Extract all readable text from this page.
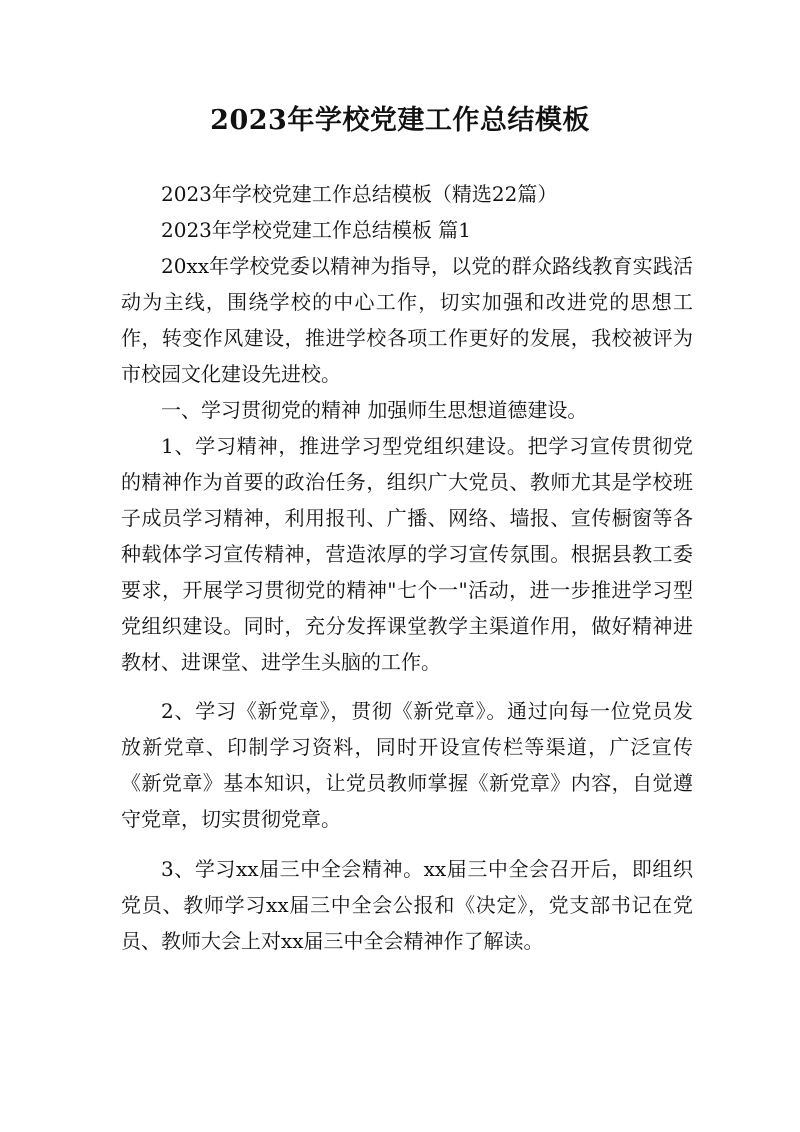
2023年学校党建工作总结模板

2023年学校党建工作总结模板（精选22篇）

2023年学校党建工作总结模板 篇1

20xx年学校党委以精神为指导，以党的群众路线教育实践活动为主线，围绕学校的中心工作，切实加强和改进党的思想工作，转变作风建设，推进学校各项工作更好的发展，我校被评为市校园文化建设先进校。

一、学习贯彻党的精神 加强师生思想道德建设。

1、学习精神，推进学习型党组织建设。把学习宣传贯彻党的精神作为首要的政治任务，组织广大党员、教师尤其是学校班子成员学习精神，利用报刊、广播、网络、墙报、宣传橱窗等各种载体学习宣传精神，营造浓厚的学习宣传氛围。根据县教工委要求，开展学习贯彻党的精神"七个一"活动，进一步推进学习型党组织建设。同时，充分发挥课堂教学主渠道作用，做好精神进教材、进课堂、进学生头脑的工作。

2、学习《新党章》，贯彻《新党章》。通过向每一位党员发放新党章、印制学习资料，同时开设宣传栏等渠道，广泛宣传《新党章》基本知识，让党员教师掌握《新党章》内容，自觉遵守党章，切实贯彻党章。

3、学习xx届三中全会精神。xx届三中全会召开后，即组织党员、教师学习xx届三中全会公报和《决定》，党支部书记在党员、教师大会上对xx届三中全会精神作了解读。
